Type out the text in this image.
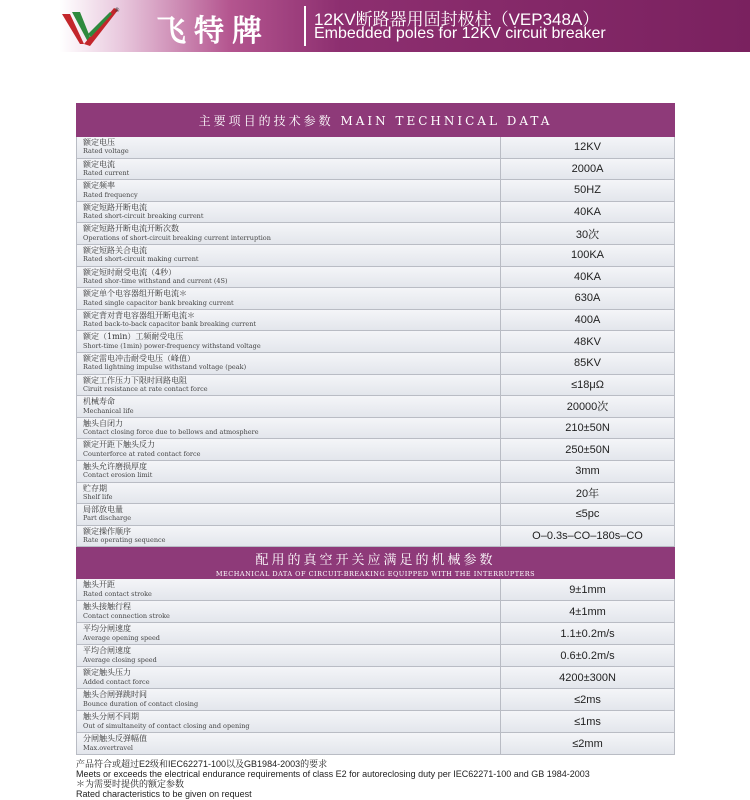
®
飞特牌	12KV断路器用固封极柱（VEP348A）
Embedded poles for 12KV circuit breaker
主要项目的技术参数 MAIN TECHNICAL DATA
额定电压
Rated voltage	12KV
额定电流
Rated current	2000A
额定频率
Rated frequency	50HZ
额定短路开断电流
Rated short-circuit breaking current	40KA
额定短路开断电流开断次数
Operations of short-circuit breaking current interruption	30次
额定短路关合电流
Rated short-circuit making current	100KA
额定短时耐受电流（4秒）
Rated shor-time withstand and current (4S)	40KA
额定单个电容器组开断电流＊
Rated single capacitor bank breaking current	630A
额定背对背电容器组开断电流＊
Rated back-to-back capacitor bank breaking current	400A
额定（1min）工频耐受电压
Short-time (1min) power-frequency withstand voltage	48KV
额定雷电冲击耐受电压（峰值）
Rated lightning impulse withstand voltage (peak)	85KV
额定工作压力下限时回路电阻
Ciruit resistance at rate contact force	≤18μΩ
机械寿命
Mechanical life	20000次
触头自闭力
Contact closing force due to bellows and atmosphere	210±50N
额定开距下触头反力
Counterforce at rated contact force	250±50N
触头允许磨损厚度
Contact erosion limit	3mm
贮存期
Shelf life	20年
局部放电量
Part discharge	≤5pc
额定操作顺序
Rate operating sequence	O–0.3s–CO–180s–CO
配用的真空开关应满足的机械参数
MECHANICAL DATA OF CIRCUIT-BREAKING EQUIPPED WITH THE INTERRUPTERS
触头开距
Rated contact stroke	9±1mm
触头接触行程
Contact connection stroke	4±1mm
平均分闸速度
Average opening speed	1.1±0.2m/s
平均合闸速度
Average closing speed	0.6±0.2m/s
额定触头压力
Added contact force	4200±300N
触头合闸弹跳时间
Bounce duration of contact closing	≤2ms
触头分闸不同期
Out of simultaneity of contact closing and opening	≤1ms
分闸触头反弹幅值
Max.overtravel	≤2mm
产品符合或超过E2级和IEC62271-100以及GB1984-2003的要求
Meets or exceeds the electrical endurance requirements of class E2 for autoreclosing duty per IEC62271-100 and GB 1984-2003
＊为需要时提供的额定参数
Rated characteristics to be given on request
